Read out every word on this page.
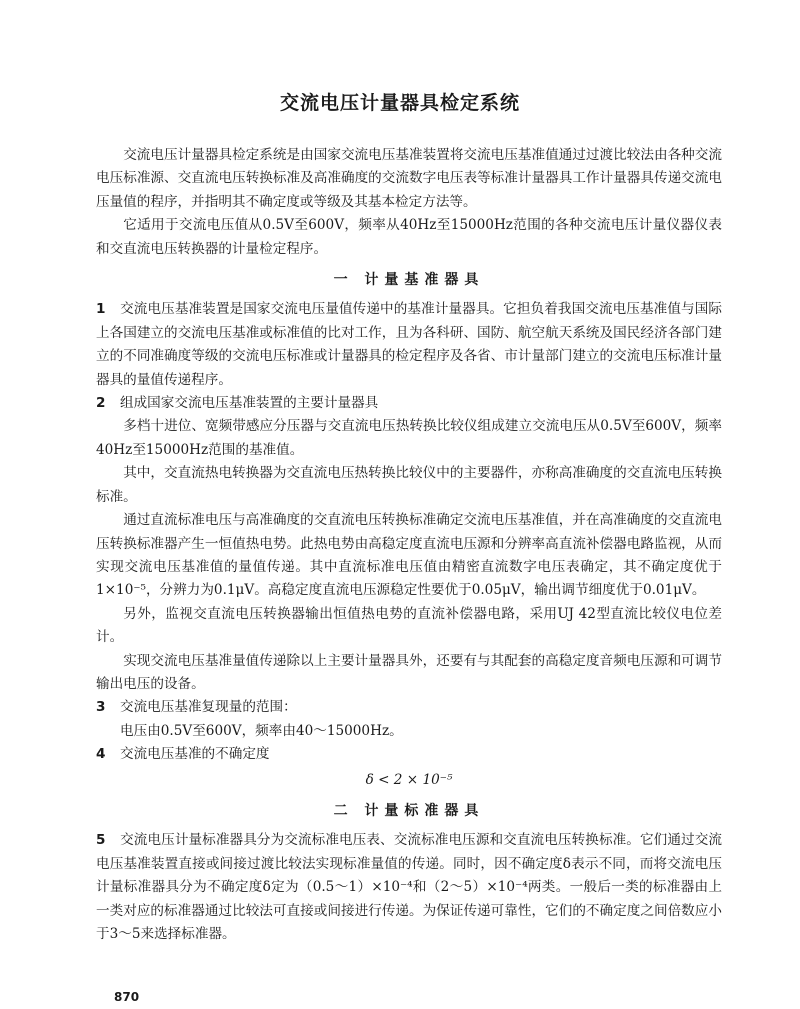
交流电压计量器具检定系统

交流电压计量器具检定系统是由国家交流电压基准装置将交流电压基准值通过过渡比较法由各种交流电压标准源、交直流电压转换标准及高准确度的交流数字电压表等标准计量器具工作计量器具传递交流电压量值的程序，并指明其不确定度或等级及其基本检定方法等。

它适用于交流电压值从0.5V至600V，频率从40Hz至15000Hz范围的各种交流电压计量仪器仪表和交直流电压转换器的计量检定程序。

一 计量基准器具

1 交流电压基准装置是国家交流电压量值传递中的基准计量器具。它担负着我国交流电压基准值与国际上各国建立的交流电压基准或标准值的比对工作，且为各科研、国防、航空航天系统及国民经济各部门建立的不同准确度等级的交流电压标准或计量器具的检定程序及各省、市计量部门建立的交流电压标准计量器具的量值传递程序。

2 组成国家交流电压基准装置的主要计量器具

多档十进位、宽频带感应分压器与交直流电压热转换比较仪组成建立交流电压从0.5V至600V，频率40Hz至15000Hz范围的基准值。

其中，交直流热电转换器为交直流电压热转换比较仪中的主要器件，亦称高准确度的交直流电压转换标准。

通过直流标准电压与高准确度的交直流电压转换标准确定交流电压基准值，并在高准确度的交直流电压转换标准器产生一恒值热电势。此热电势由高稳定度直流电压源和分辨率高直流补偿器电路监视，从而实现交流电压基准值的量值传递。其中直流标准电压值由精密直流数字电压表确定，其不确定度优于1×10⁻⁵，分辨力为0.1μV。高稳定度直流电压源稳定性要优于0.05μV，输出调节细度优于0.01μV。

另外，监视交直流电压转换器输出恒值热电势的直流补偿器电路，采用UJ 42型直流比较仪电位差计。

实现交流电压基准量值传递除以上主要计量器具外，还要有与其配套的高稳定度音频电压源和可调节输出电压的设备。

3 交流电压基准复现量的范围：

电压由0.5V至600V，频率由40～15000Hz。

4 交流电压基准的不确定度

δ < 2 × 10⁻⁵
二 计量标准器具

5 交流电压计量标准器具分为交流标准电压表、交流标准电压源和交直流电压转换标准。它们通过交流电压基准装置直接或间接过渡比较法实现标准量值的传递。同时，因不确定度δ表示不同，而将交流电压计量标准器具分为不确定度δ定为（0.5～1）×10⁻⁴和（2～5）×10⁻⁴两类。一般后一类的标准器由上一类对应的标准器通过比较法可直接或间接进行传递。为保证传递可靠性，它们的不确定度之间倍数应小于3～5来选择标准器。

870
